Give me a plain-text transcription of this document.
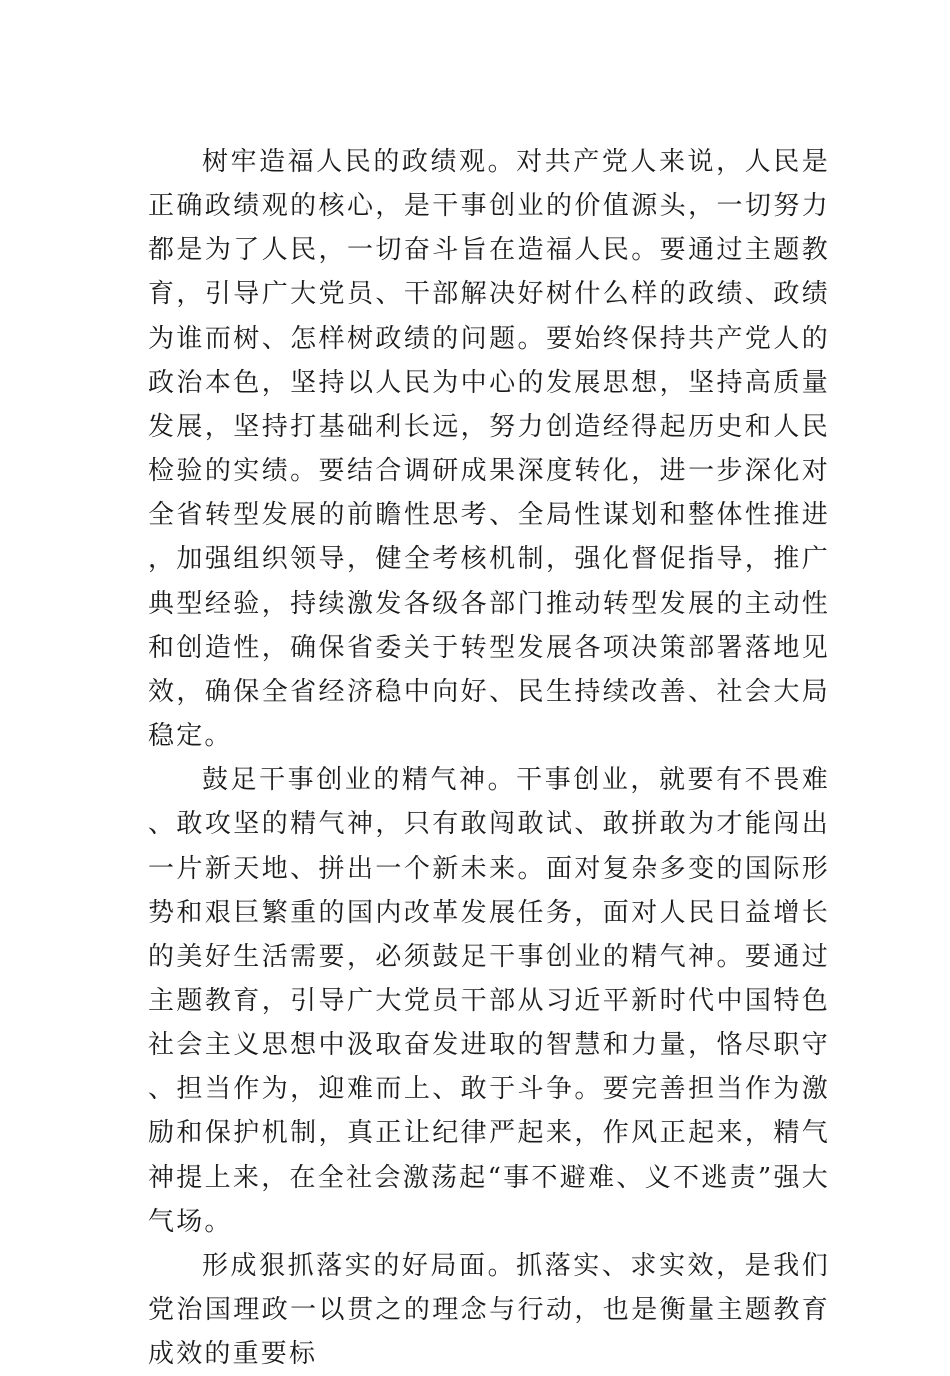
树牢造福人民的政绩观。对共产党人来说，人民是正确政绩观的核心，是干事创业的价值源头，一切努力都是为了人民，一切奋斗旨在造福人民。要通过主题教育，引导广大党员、干部解决好树什么样的政绩、政绩为谁而树、怎样树政绩的问题。要始终保持共产党人的政治本色，坚持以人民为中心的发展思想，坚持高质量发展，坚持打基础利长远，努力创造经得起历史和人民检验的实绩。要结合调研成果深度转化，进一步深化对全省转型发展的前瞻性思考、全局性谋划和整体性推进，加强组织领导，健全考核机制，强化督促指导，推广典型经验，持续激发各级各部门推动转型发展的主动性和创造性，确保省委关于转型发展各项决策部署落地见效，确保全省经济稳中向好、民生持续改善、社会大局稳定。

鼓足干事创业的精气神。干事创业，就要有不畏难、敢攻坚的精气神，只有敢闯敢试、敢拼敢为才能闯出一片新天地、拼出一个新未来。面对复杂多变的国际形势和艰巨繁重的国内改革发展任务，面对人民日益增长的美好生活需要，必须鼓足干事创业的精气神。要通过主题教育，引导广大党员干部从习近平新时代中国特色社会主义思想中汲取奋发进取的智慧和力量，恪尽职守、担当作为，迎难而上、敢于斗争。要完善担当作为激励和保护机制，真正让纪律严起来，作风正起来，精气神提上来，在全社会激荡起“事不避难、义不逃责”强大气场。

形成狠抓落实的好局面。抓落实、求实效，是我们党治国理政一以贯之的理念与行动，也是衡量主题教育成效的重要标
